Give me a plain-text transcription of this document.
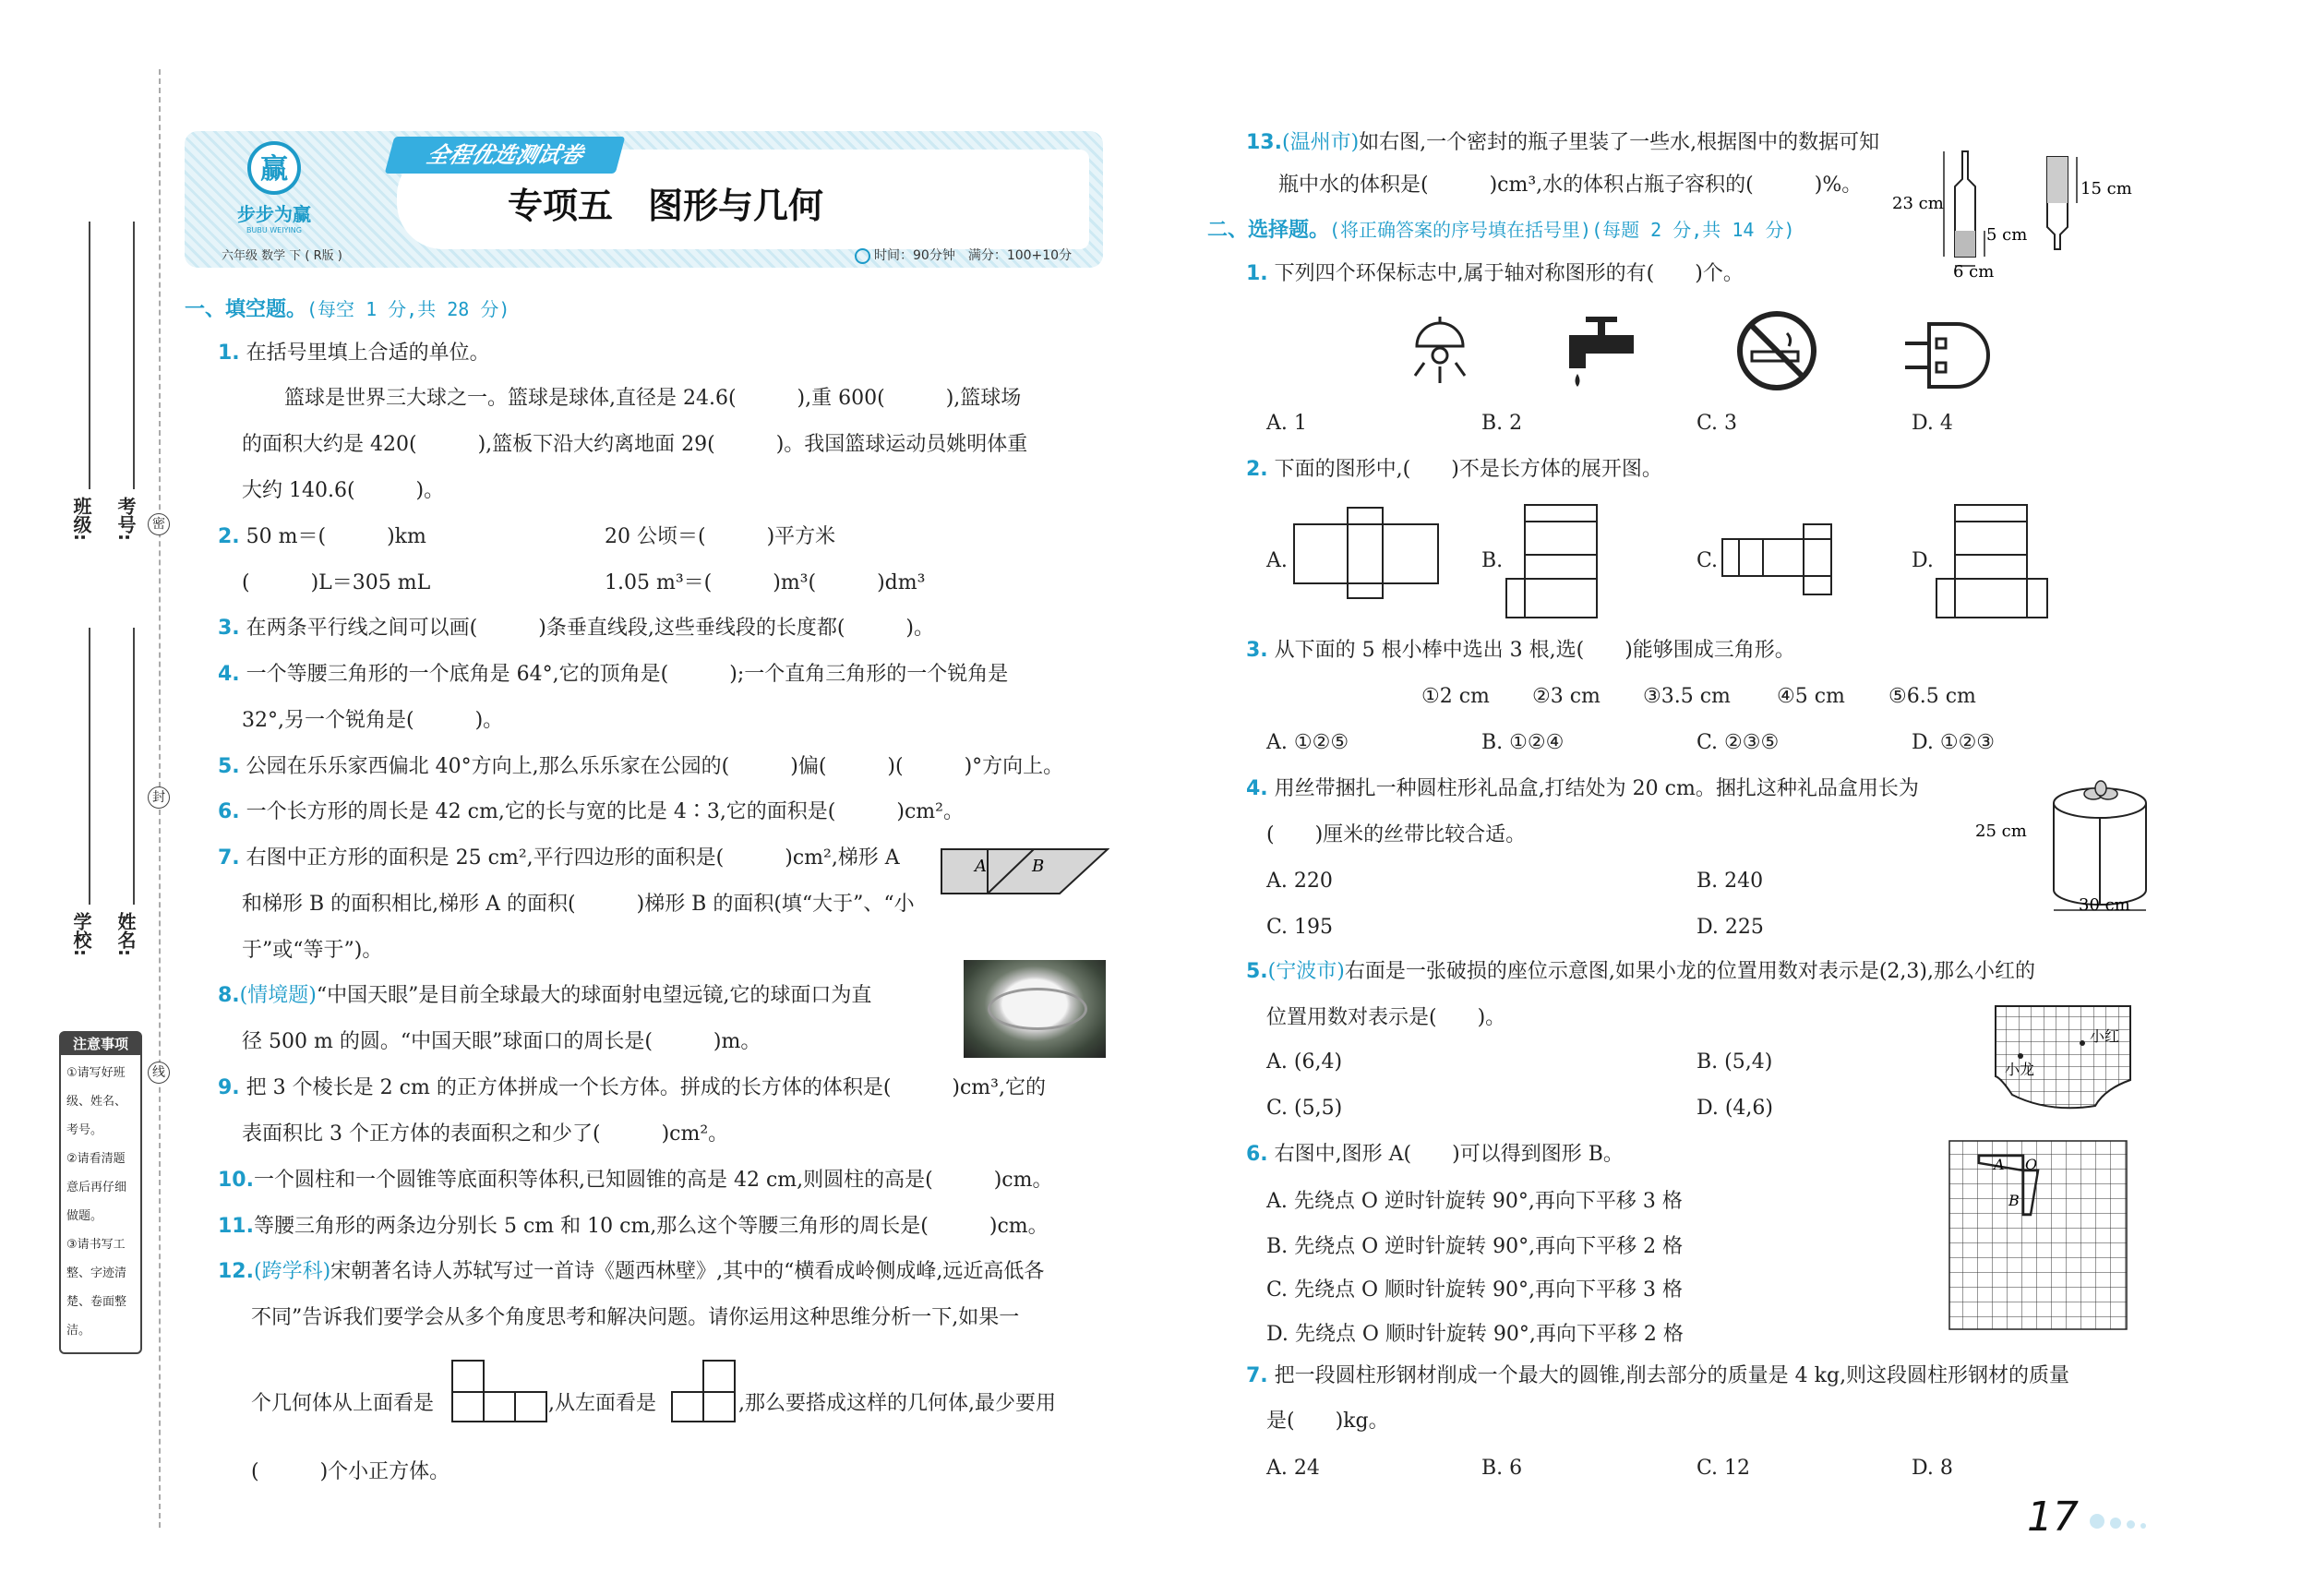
班级: 考号:
学校: 姓名:
密
封
线
注意事项
①请写好班
级、姓名、
考号。
②请看清题
意后再仔细
做题。
③请书写工
整、字迹清
楚、卷面整
洁。
赢
步步为赢
BUBU WEIYING
全程优选测试卷
专项五　图形与几何
六年级 数学 下 ( R版 )	时间：90分钟　满分：100+10分
一、填空题。(每空 1 分,共 28 分)
1. 在括号里填上合适的单位。
篮球是世界三大球之一。篮球是球体,直径是 24.6(　　　),重 600(　　　),篮球场
的面积大约是 420(　　　),篮板下沿大约离地面 29(　　　)。我国篮球运动员姚明体重
大约 140.6(　　　)。
2. 50 m＝(　　　)km	20 公顷＝(　　　)平方米
(　　　)L＝305 mL	1.05 m³＝(　　　)m³(　　　)dm³
3. 在两条平行线之间可以画(　　　)条垂直线段,这些垂线段的长度都(　　　)。
4. 一个等腰三角形的一个底角是 64°,它的顶角是(　　　);一个直角三角形的一个锐角是
32°,另一个锐角是(　　　)。
5. 公园在乐乐家西偏北 40°方向上,那么乐乐家在公园的(　　　)偏(　　　)(　　　)°方向上。
6. 一个长方形的周长是 42 cm,它的长与宽的比是 4∶3,它的面积是(　　　)cm²。
7. 右图中正方形的面积是 25 cm²,平行四边形的面积是(　　　)cm²,梯形 A
和梯形 B 的面积相比,梯形 A 的面积(　　　)梯形 B 的面积(填“大于”、“小
于”或“等于”)。
A	B
8.(情境题)“中国天眼”是目前全球最大的球面射电望远镜,它的球面口为直
径 500 m 的圆。“中国天眼”球面口的周长是(　　　)m。
9. 把 3 个棱长是 2 cm 的正方体拼成一个长方体。拼成的长方体的体积是(　　　)cm³,它的
表面积比 3 个正方体的表面积之和少了(　　　)cm²。
10.一个圆柱和一个圆锥等底面积等体积,已知圆锥的高是 42 cm,则圆柱的高是(　　　)cm。
11.等腰三角形的两条边分别长 5 cm 和 10 cm,那么这个等腰三角形的周长是(　　　)cm。
12.(跨学科)宋朝著名诗人苏轼写过一首诗《题西林壁》,其中的“横看成岭侧成峰,远近高低各
不同”告诉我们要学会从多个角度思考和解决问题。请你运用这种思维分析一下,如果一
个几何体从上面看是	,从左面看是	,那么要搭成这样的几何体,最少要用
(　　　)个小正方体。
13.(温州市)如右图,一个密封的瓶子里装了一些水,根据图中的数据可知
瓶中水的体积是(　　　)cm³,水的体积占瓶子容积的(　　　)%。
23 cm
5 cm
6 cm
15 cm
二、选择题。(将正确答案的序号填在括号里)(每题 2 分,共 14 分)
1. 下列四个环保标志中,属于轴对称图形的有(　　)个。
A. 1	B. 2	C. 3	D. 4
2. 下面的图形中,(　　)不是长方体的展开图。
A.	B.	C.	D.
3. 从下面的 5 根小棒中选出 3 根,选(　　)能够围成三角形。
①2 cm ②3 cm ③3.5 cm ④5 cm ⑤6.5 cm
A. ①②⑤	B. ①②④	C. ②③⑤	D. ①②③
4. 用丝带捆扎一种圆柱形礼品盒,打结处为 20 cm。捆扎这种礼品盒用长为
(　　)厘米的丝带比较合适。
A. 220	B. 240
C. 195	D. 225
25 cm
30 cm
5.(宁波市)右面是一张破损的座位示意图,如果小龙的位置用数对表示是(2,3),那么小红的
位置用数对表示是(　　)。
A. (6,4)	B. (5,4)
C. (5,5)	D. (4,6)
小龙
小红
6. 右图中,图形 A(　　)可以得到图形 B。
A. 先绕点 O 逆时针旋转 90°,再向下平移 3 格
B. 先绕点 O 逆时针旋转 90°,再向下平移 2 格
C. 先绕点 O 顺时针旋转 90°,再向下平移 3 格
D. 先绕点 O 顺时针旋转 90°,再向下平移 2 格
A O
B
7. 把一段圆柱形钢材削成一个最大的圆锥,削去部分的质量是 4 kg,则这段圆柱形钢材的质量
是(　　)kg。
A. 24	B. 6	C. 12	D. 8
17
